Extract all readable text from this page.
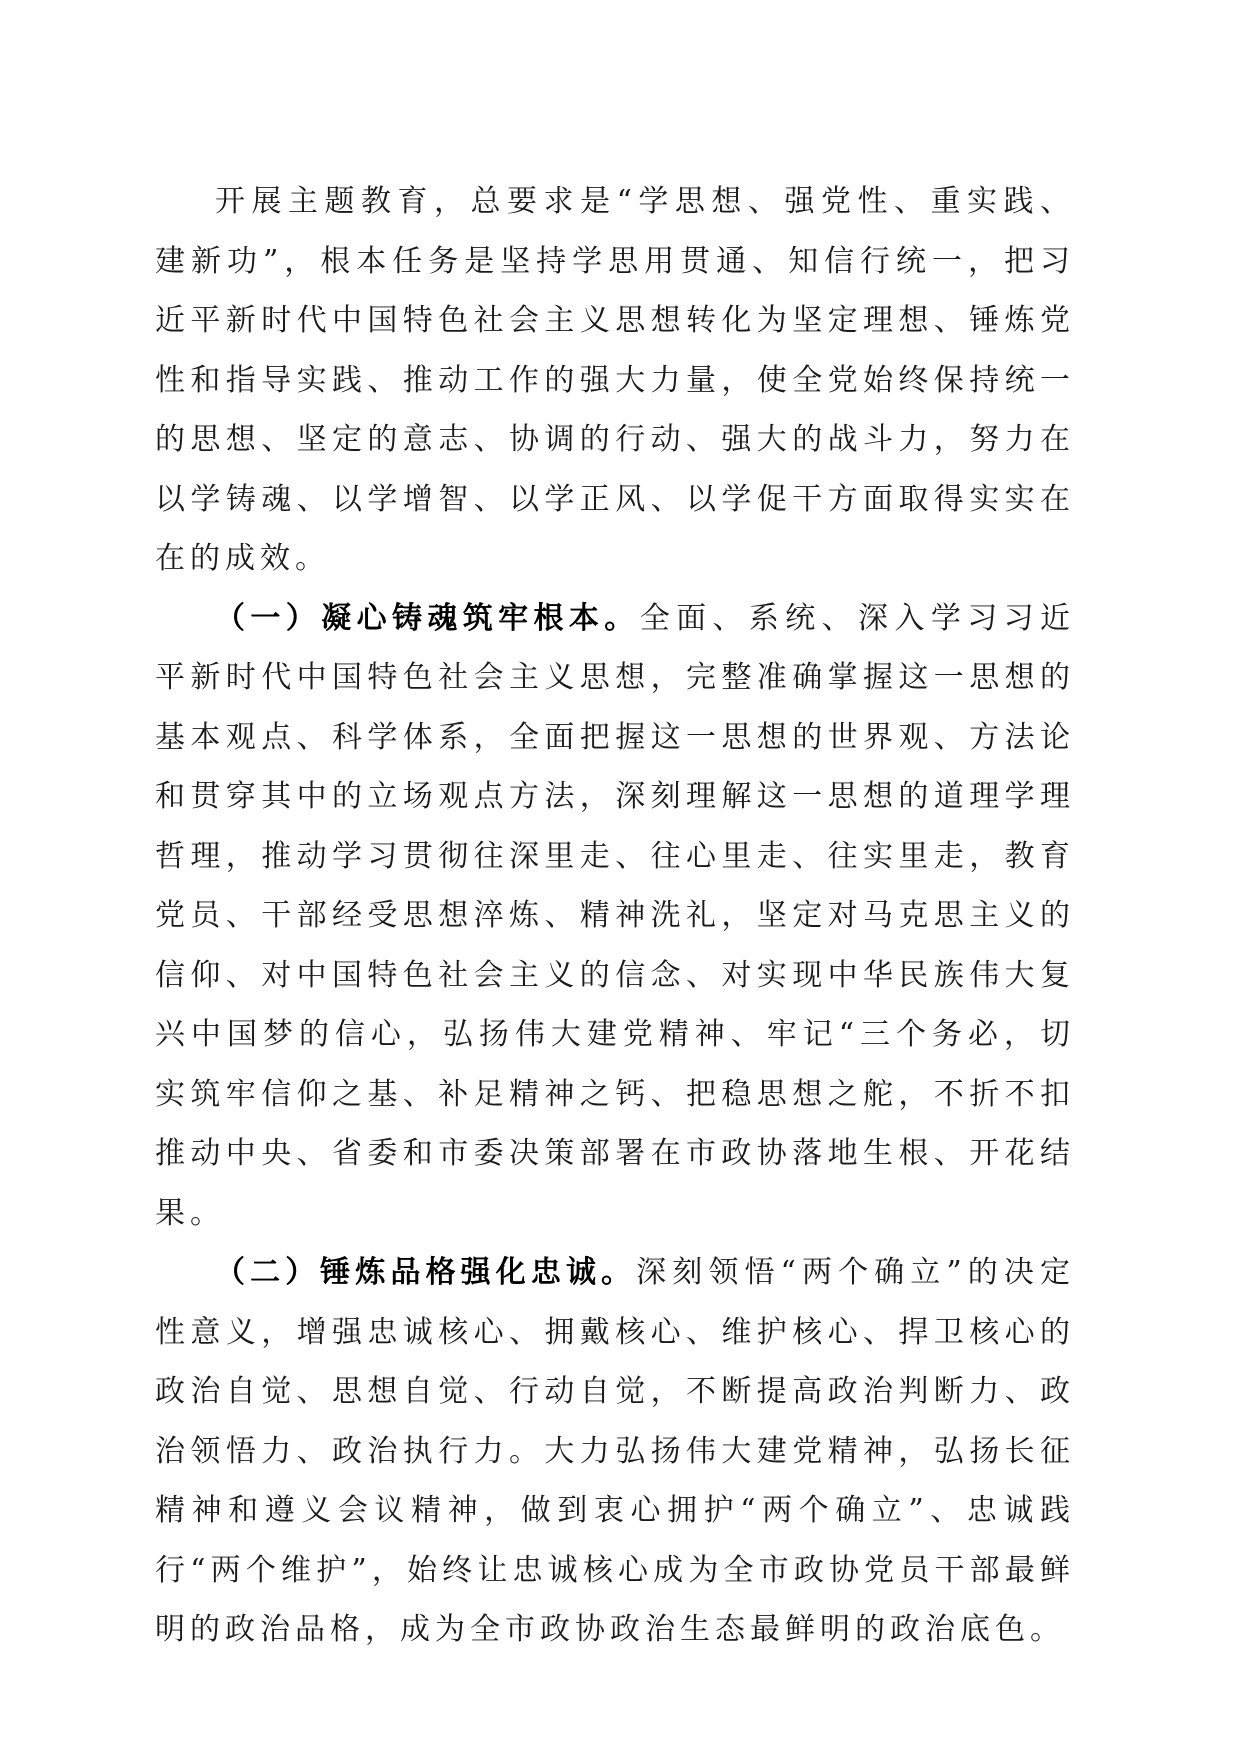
开展主题教育，总要求是“学思想、强党性、重实践、建新功”，根本任务是坚持学思用贯通、知信行统一，把习近平新时代中国特色社会主义思想转化为坚定理想、锤炼党性和指导实践、推动工作的强大力量，使全党始终保持统一的思想、坚定的意志、协调的行动、强大的战斗力，努力在以学铸魂、以学增智、以学正风、以学促干方面取得实实在在的成效。

（一）凝心铸魂筑牢根本。全面、系统、深入学习习近平新时代中国特色社会主义思想，完整准确掌握这一思想的基本观点、科学体系，全面把握这一思想的世界观、方法论和贯穿其中的立场观点方法，深刻理解这一思想的道理学理哲理，推动学习贯彻往深里走、往心里走、往实里走，教育党员、干部经受思想淬炼、精神洗礼，坚定对马克思主义的信仰、对中国特色社会主义的信念、对实现中华民族伟大复兴中国梦的信心，弘扬伟大建党精神、牢记“三个务必，切实筑牢信仰之基、补足精神之钙、把稳思想之舵，不折不扣推动中央、省委和市委决策部署在市政协落地生根、开花结果。

（二）锤炼品格强化忠诚。深刻领悟“两个确立”的决定性意义，增强忠诚核心、拥戴核心、维护核心、捍卫核心的政治自觉、思想自觉、行动自觉，不断提高政治判断力、政治领悟力、政治执行力。大力弘扬伟大建党精神，弘扬长征精神和遵义会议精神，做到衷心拥护“两个确立”、忠诚践行“两个维护”，始终让忠诚核心成为全市政协党员干部最鲜明的政治品格，成为全市政协政治生态最鲜明的政治底色。
